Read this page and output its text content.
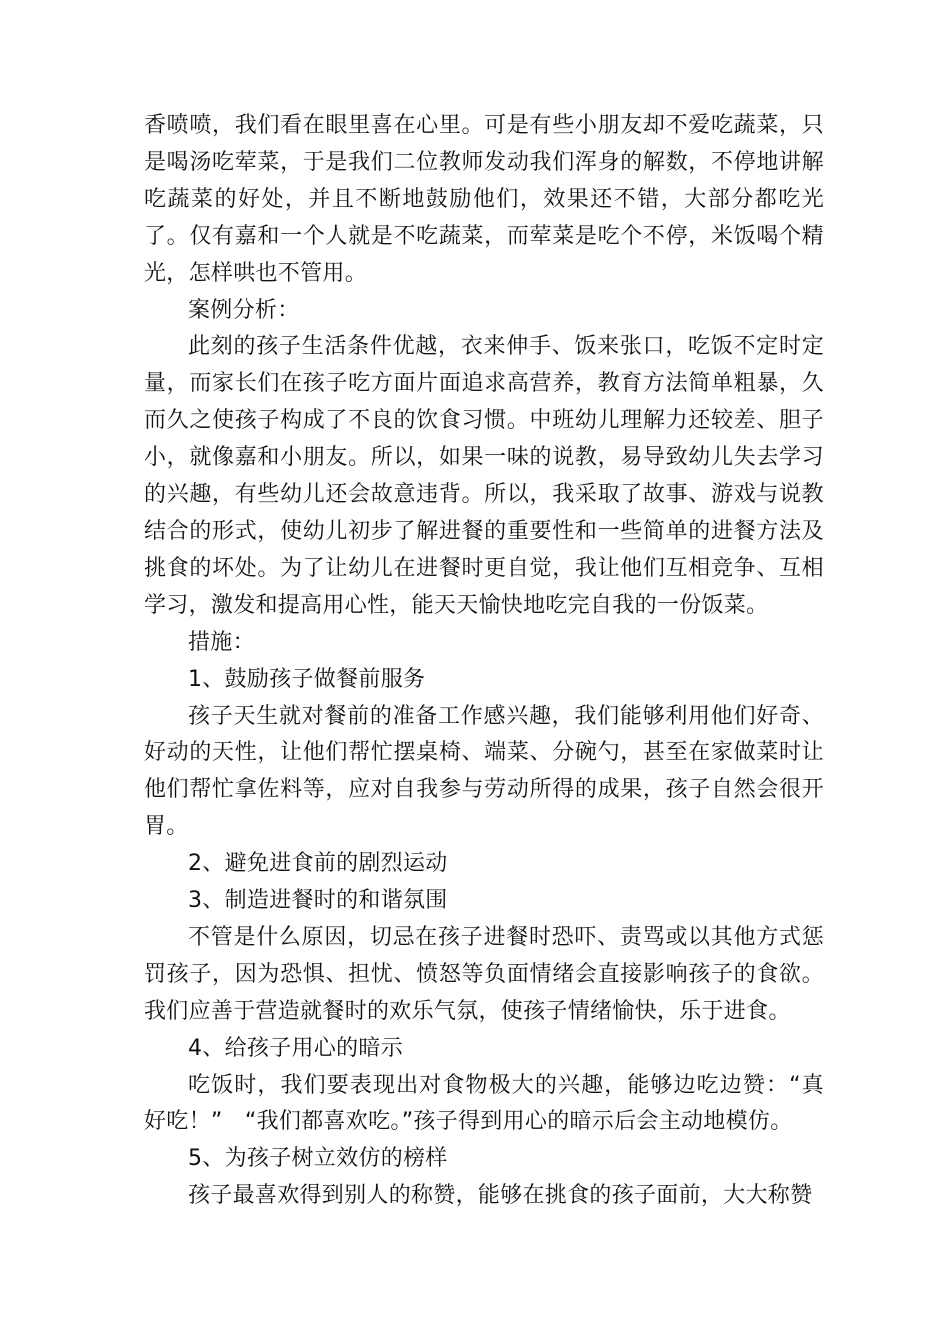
香喷喷，我们看在眼里喜在心里。可是有些小朋友却不爱吃蔬菜，只是喝汤吃荤菜，于是我们二位教师发动我们浑身的解数，不停地讲解吃蔬菜的好处，并且不断地鼓励他们，效果还不错，大部分都吃光了。仅有嘉和一个人就是不吃蔬菜，而荤菜是吃个不停，米饭喝个精光，怎样哄也不管用。

案例分析：

此刻的孩子生活条件优越，衣来伸手、饭来张口，吃饭不定时定量，而家长们在孩子吃方面片面追求高营养，教育方法简单粗暴，久而久之使孩子构成了不良的饮食习惯。中班幼儿理解力还较差、胆子小，就像嘉和小朋友。所以，如果一味的说教，易导致幼儿失去学习的兴趣，有些幼儿还会故意违背。所以，我采取了故事、游戏与说教结合的形式，使幼儿初步了解进餐的重要性和一些简单的进餐方法及挑食的坏处。为了让幼儿在进餐时更自觉，我让他们互相竞争、互相学习，激发和提高用心性，能天天愉快地吃完自我的一份饭菜。

措施：

1、鼓励孩子做餐前服务

孩子天生就对餐前的准备工作感兴趣，我们能够利用他们好奇、好动的天性，让他们帮忙摆桌椅、端菜、分碗勺，甚至在家做菜时让他们帮忙拿佐料等，应对自我参与劳动所得的成果，孩子自然会很开胃。

2、避免进食前的剧烈运动

3、制造进餐时的和谐氛围

不管是什么原因，切忌在孩子进餐时恐吓、责骂或以其他方式惩罚孩子，因为恐惧、担忧、愤怒等负面情绪会直接影响孩子的食欲。我们应善于营造就餐时的欢乐气氛，使孩子情绪愉快，乐于进食。

4、给孩子用心的暗示

吃饭时，我们要表现出对食物极大的兴趣，能够边吃边赞：“真好吃！”　“我们都喜欢吃。”孩子得到用心的暗示后会主动地模仿。

5、为孩子树立效仿的榜样

孩子最喜欢得到别人的称赞，能够在挑食的孩子面前，大大称赞
